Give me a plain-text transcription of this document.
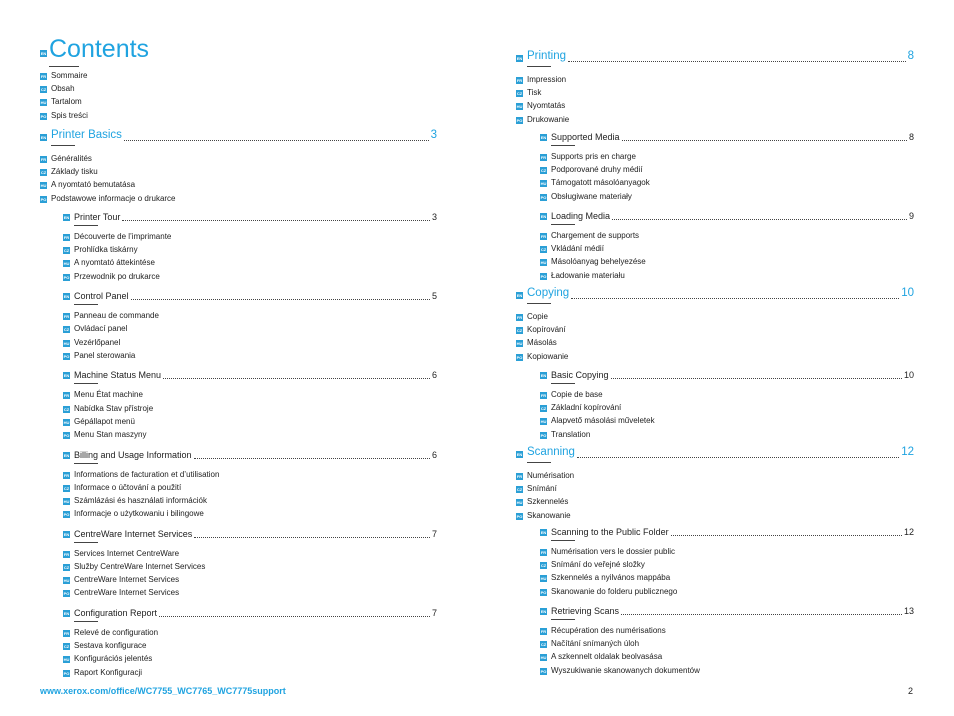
EN Contents
FR Sommaire
CZ Obsah
HU Tartalom
PO Spis treści
EN Printer Basics	3
FR Généralités
CZ Základy tisku
HU A nyomtató bemutatása
PO Podstawowe informacje o drukarce
EN Printer Tour	3
FR Découverte de l’imprimante
CZ Prohlídka tiskárny
HU A nyomtató áttekintése
PO Przewodnik po drukarce
EN Control Panel	5
FR Panneau de commande
CZ Ovládací panel
HU Vezérlőpanel
PO Panel sterowania
EN Machine Status Menu	6
FR Menu État machine
CZ Nabídka Stav přístroje
HU Gépállapot menü
PO Menu Stan maszyny
EN Billing and Usage Information	6
FR Informations de facturation et d’utilisation
CZ Informace o účtování a použití
HU Számlázási és használati információk
PO Informacje o użytkowaniu i bilingowe
EN CentreWare Internet Services	7
FR Services Internet CentreWare
CZ Služby CentreWare Internet Services
HU CentreWare Internet Services
PO CentreWare Internet Services
EN Configuration Report	7
FR Relevé de configuration
CZ Sestava konfigurace
HU Konfigurációs jelentés
PO Raport Konfiguracji
EN Printing	8
FR Impression
CZ Tisk
HU Nyomtatás
PO Drukowanie
EN Supported Media	8
FR Supports pris en charge
CZ Podporované druhy médií
HU Támogatott másolóanyagok
PO Obsługiwane materiały
EN Loading Media	9
FR Chargement de supports
CZ Vkládání médií
HU Másolóanyag behelyezése
PO Ładowanie materiału
EN Copying	10
FR Copie
CZ Kopírování
HU Másolás
PO Kopiowanie
EN Basic Copying	10
FR Copie de base
CZ Základní kopírování
HU Alapvető másolási műveletek
PO Translation
EN Scanning	12
FR Numérisation
CZ Snímání
HU Szkennelés
PO Skanowanie
EN Scanning to the Public Folder	12
FR Numérisation vers le dossier public
CZ Snímání do veřejné složky
HU Szkennelés a nyilvános mappába
PO Skanowanie do folderu publicznego
EN Retrieving Scans	13
FR Récupération des numérisations
CZ Načítání snímaných úloh
HU A szkennelt oldalak beolvasása
PO Wyszukiwanie skanowanych dokumentów
www.xerox.com/office/WC7755_WC7765_WC7775support	2
